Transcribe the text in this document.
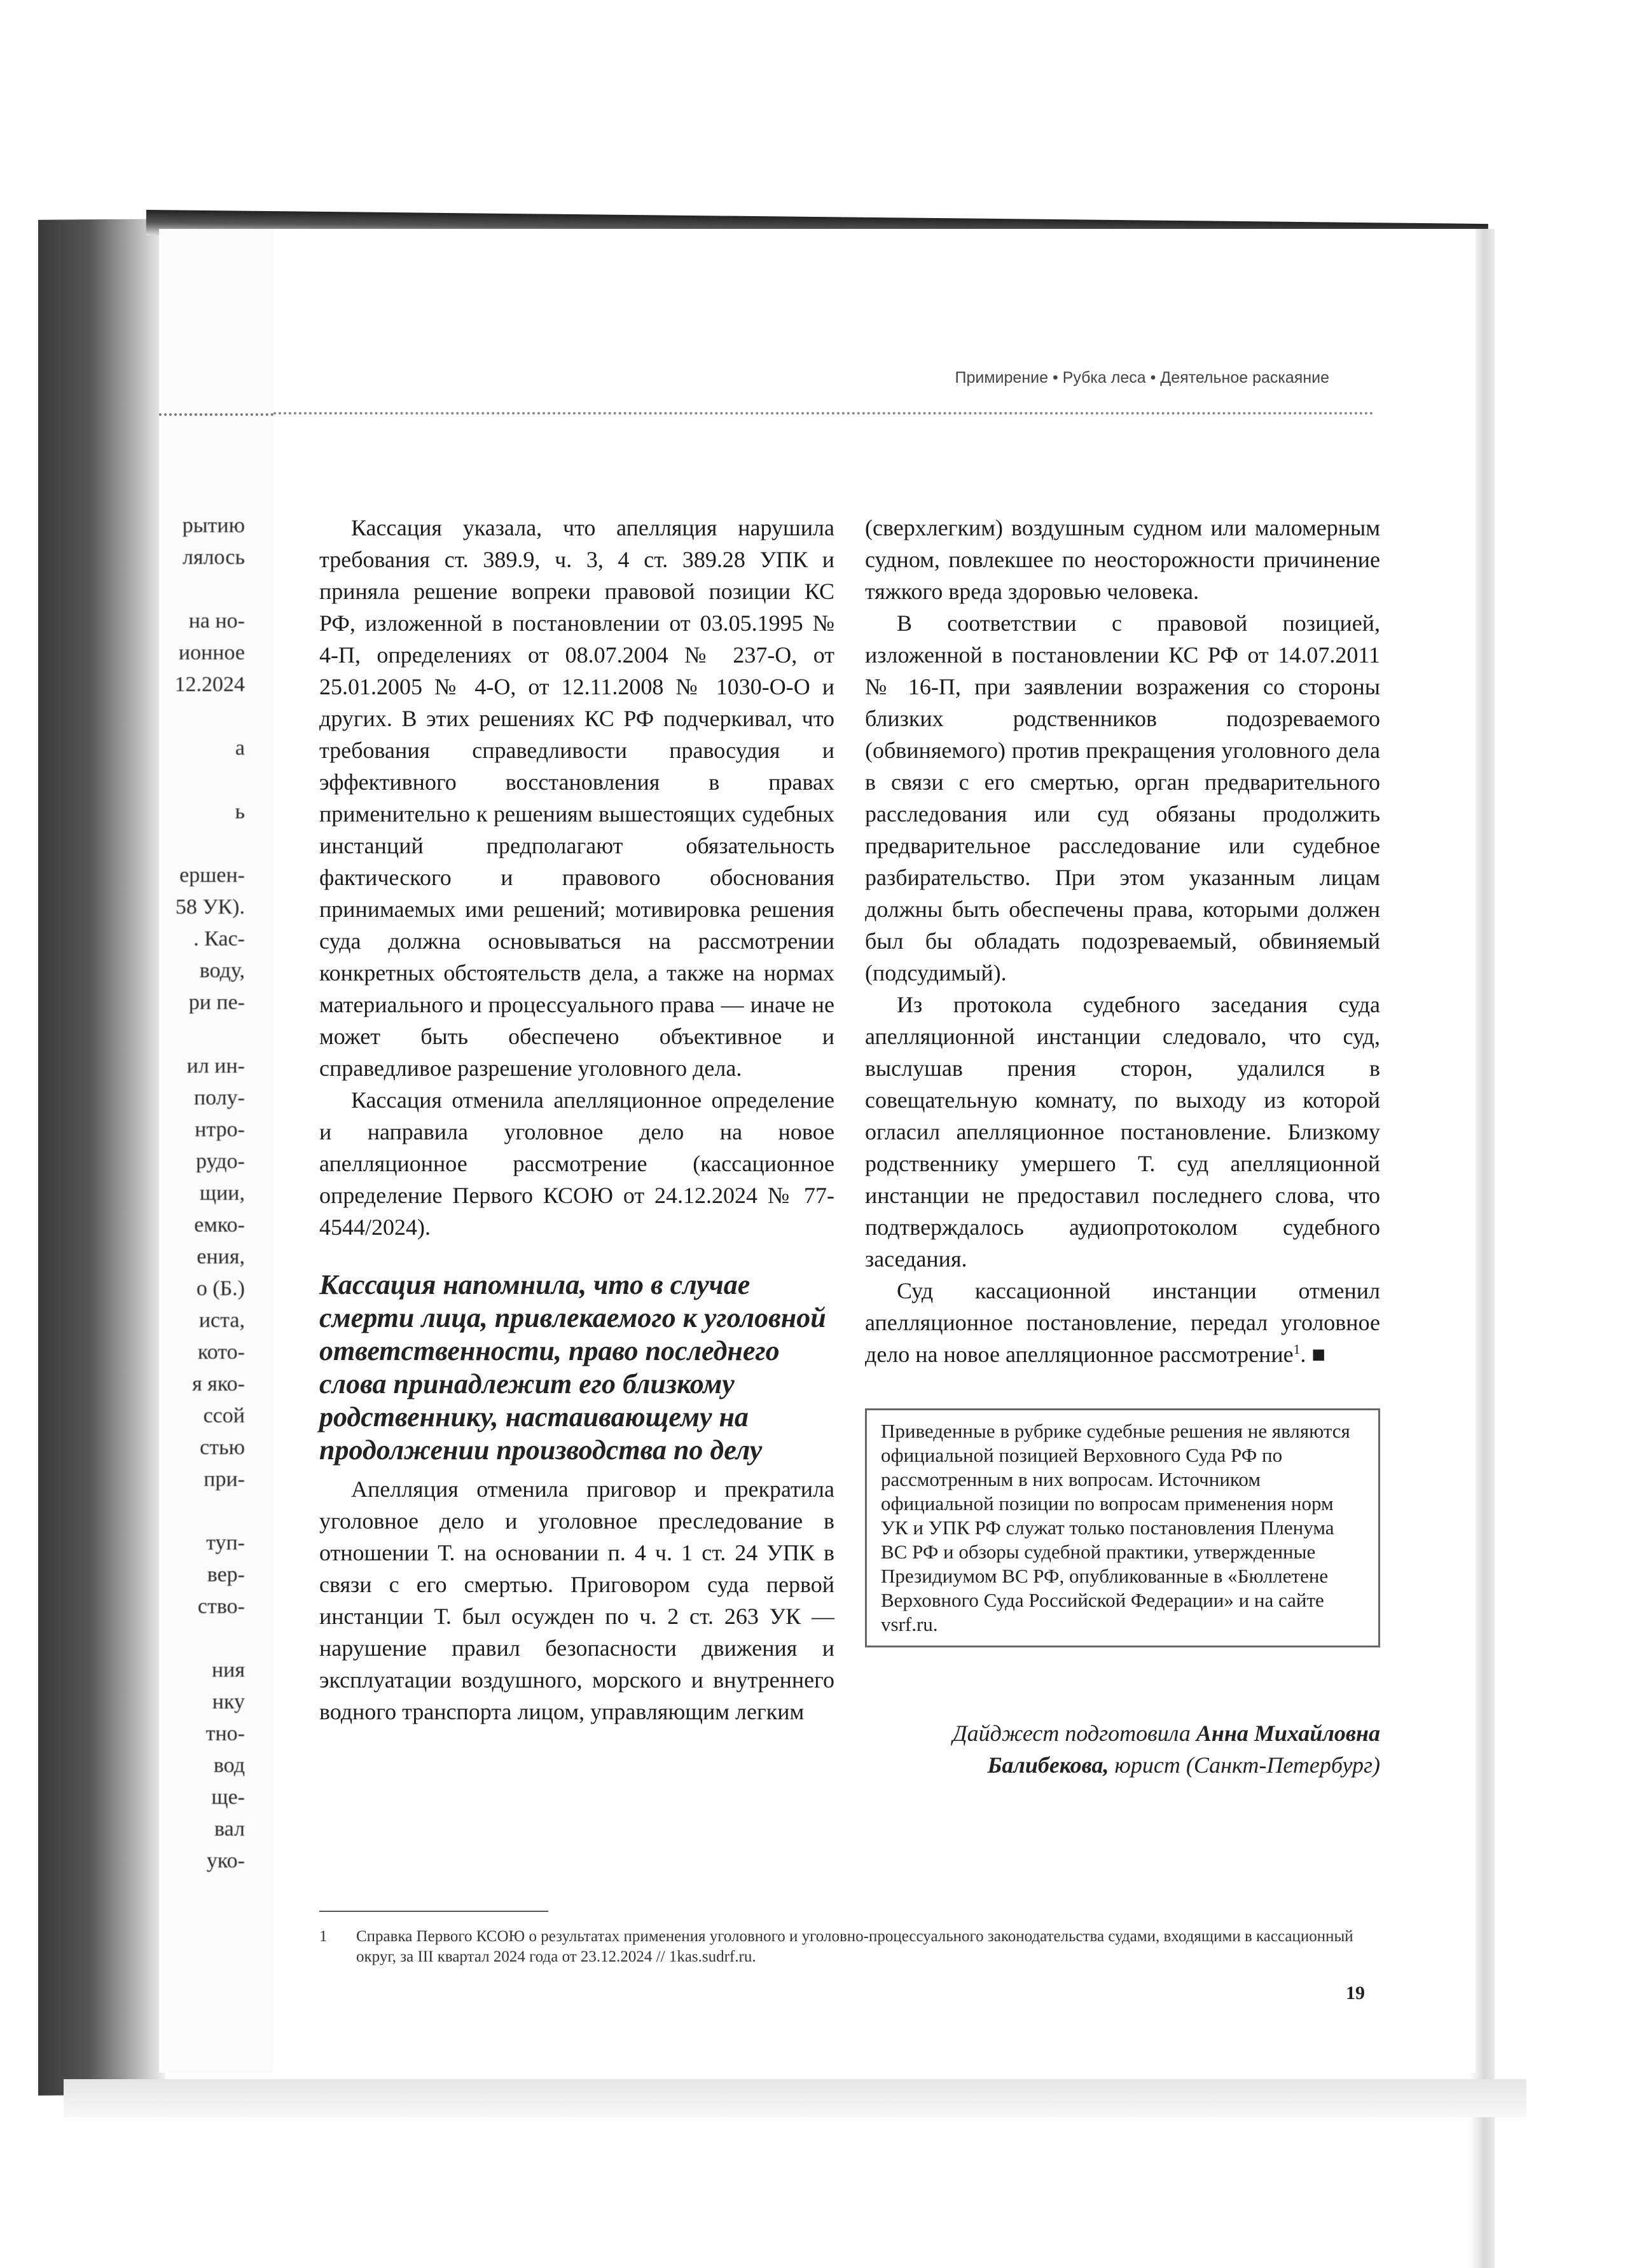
рытию
лялось
на но-
ионное
12.2024
a
ь
ершен-
58 УК).
. Кас-
воду,
ри пе-
ил ин-
полу-
нтро-
рудо-
щии,
емко-
ения,
о (Б.)
иста,
кото-
я яко-
ссой
стью
при-
туп-
вер-
ство-
ния
нку
тно-
вод
ще-
вал
уко-
Примирение • Рубка леса • Деятельное раскаяние

Кассация указала, что апелляция нарушила требования ст. 389.9, ч. 3, 4 ст. 389.28 УПК и приняла решение вопреки правовой позиции КС РФ, изложенной в постановлении от 03.05.1995 № 4-П, определениях от 08.07.2004 № 237-О, от 25.01.2005 № 4-О, от 12.11.2008 № 1030-О-О и других. В этих решениях КС РФ подчеркивал, что требования справедливости правосудия и эффективного восстановления в правах применительно к решениям вышестоящих судебных инстанций предполагают обязательность фактического и правового обоснования принимаемых ими решений; мотивировка решения суда должна основываться на рассмотрении конкретных обстоятельств дела, а также на нормах материального и процессуального права — иначе не может быть обеспечено объективное и справедливое разрешение уголовного дела.

Кассация отменила апелляционное определение и направила уголовное дело на новое апелляционное рассмотрение (кассационное определение Первого КСОЮ от 24.12.2024 № 77-4544/2024).

Кассация напомнила, что в случае смерти лица, привлекаемого к уголовной ответственности, право последнего слова принадлежит его близкому родственнику, настаивающему на продолжении производства по делу

Апелляция отменила приговор и прекратила уголовное дело и уголовное преследование в отношении Т. на основании п. 4 ч. 1 ст. 24 УПК в связи с его смертью. Приговором суда первой инстанции Т. был осужден по ч. 2 ст. 263 УК — нарушение правил безопасности движения и эксплуатации воздушного, морского и внутреннего водного транспорта лицом, управляющим легким

(сверхлегким) воздушным судном или маломерным судном, повлекшее по неосторожности причинение тяжкого вреда здоровью человека.

В соответствии с правовой позицией, изложенной в постановлении КС РФ от 14.07.2011 № 16-П, при заявлении возражения со стороны близких родственников подозреваемого (обвиняемого) против прекращения уголовного дела в связи с его смертью, орган предварительного расследования или суд обязаны продолжить предварительное расследование или судебное разбирательство. При этом указанным лицам должны быть обеспечены права, которыми должен был бы обладать подозреваемый, обвиняемый (подсудимый).

Из протокола судебного заседания суда апелляционной инстанции следовало, что суд, выслушав прения сторон, удалился в совещательную комнату, по выходу из которой огласил апелляционное постановление. Близкому родственнику умершего Т. суд апелляционной инстанции не предоставил последнего слова, что подтверждалось аудиопротоколом судебного заседания.

Суд кассационной инстанции отменил апелляционное постановление, передал уголовное дело на новое апелляционное рассмотрение$^1$. ■

Приведенные в рубрике судебные решения не являются официальной позицией Верховного Суда РФ по рассмотренным в них вопросам. Источником официальной позиции по вопросам применения норм УК и УПК РФ служат только постановления Пленума ВС РФ и обзоры судебной практики, утвержденные Президиумом ВС РФ, опубликованные в «Бюллетене Верховного Суда Российской Федерации» и на сайте vsrf.ru.
Дайджест подготовила Анна Михайловна Балибекова, юрист (Санкт-Петербург)
1	Справка Первого КСОЮ о результатах применения уголовного и уголовно-процессуального законодательства судами, входящими в кассационный округ, за III квартал 2024 года от 23.12.2024 // 1kas.sudrf.ru.
19
